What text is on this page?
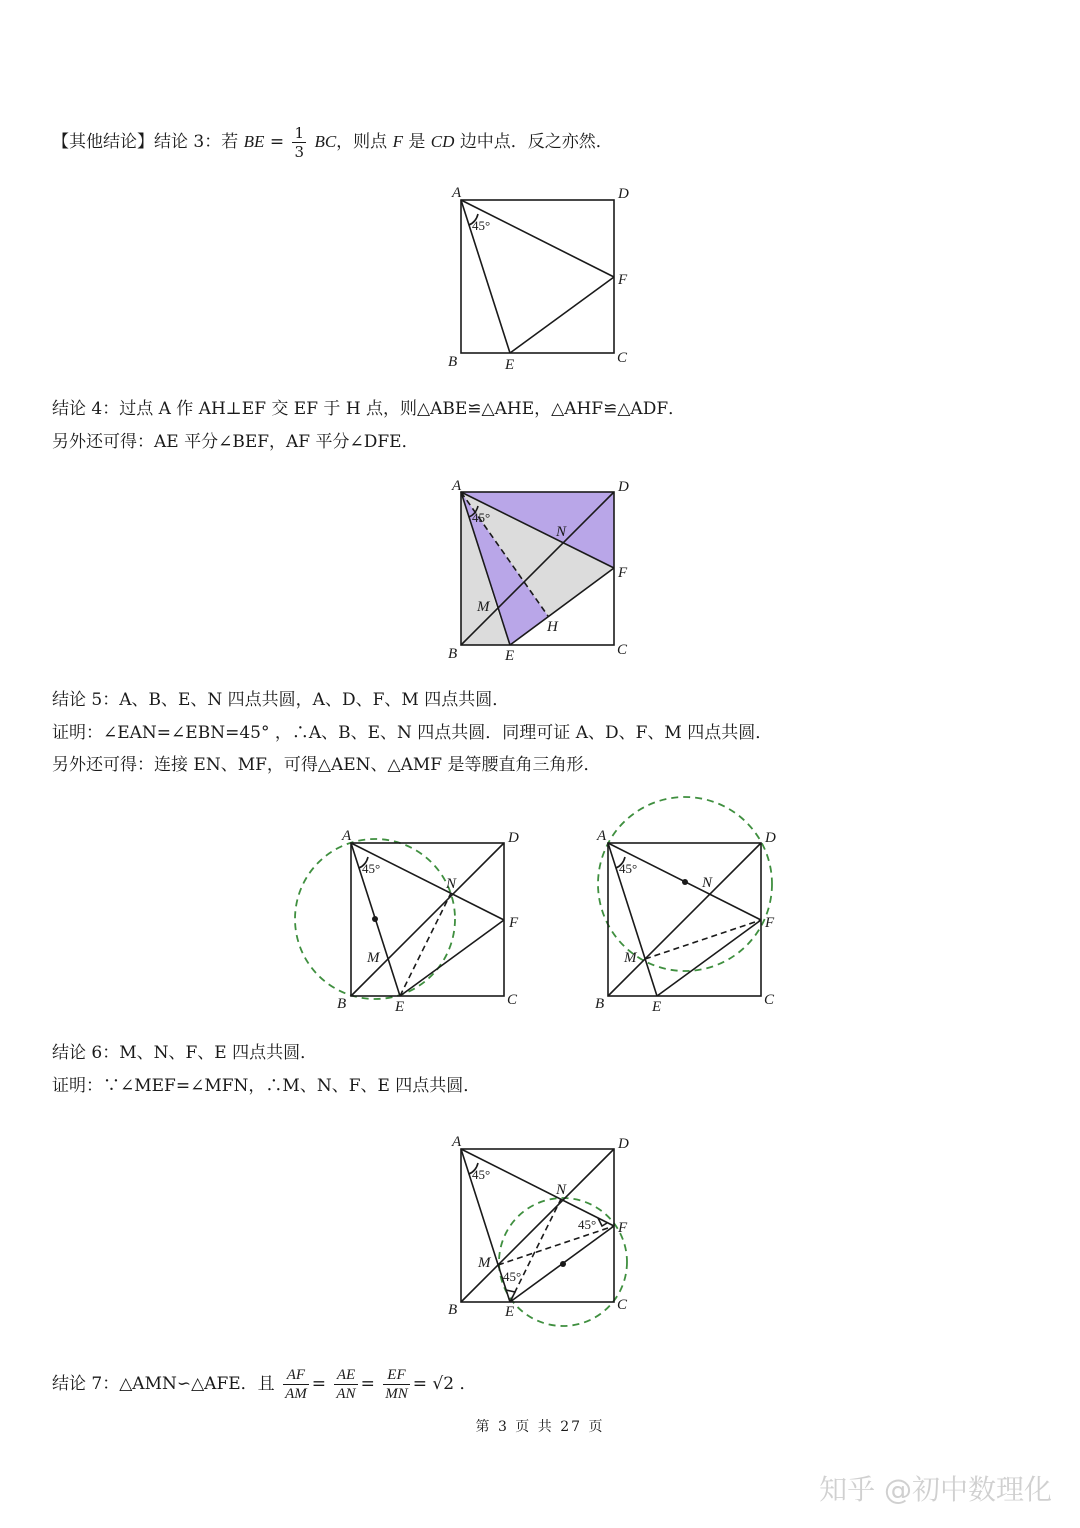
【其他结论】结论 3：若 BE = $\frac{1}{3}$ BC，则点 F 是 CD 边中点．反之亦然．
A	D
F
B	E	C
45°
结论 4：过点 A 作 AH⊥EF 交 EF 于 H 点，则△ABE≌△AHE，△AHF≌△ADF．
另外还可得：AE 平分∠BEF，AF 平分∠DFE．
A	D
N
F
M
H
B	E	C
45°
结论 5：A、B、E、N 四点共圆，A、D、F、M 四点共圆．
证明：∠EAN=∠EBN=45° ，∴A、B、E、N 四点共圆．同理可证 A、D、F、M 四点共圆．
另外还可得：连接 EN、MF，可得△AEN、△AMF 是等腰直角三角形．
A	D
N
F
M
B	E	C
45°
A	D
N
F
M
B	E	C
45°
结论 6：M、N、F、E 四点共圆．
证明：∵∠MEF=∠MFN，∴M、N、F、E 四点共圆．
A	D
N
F
M
B	E	C
45°
45°
45°
结论 7：△AMN∽△AFE．且 $\frac{AF}{AM} = \frac{AE}{AN} = \frac{EF}{MN} = √2$ ．
第 3 页 共 27 页
知乎 @初中数理化
